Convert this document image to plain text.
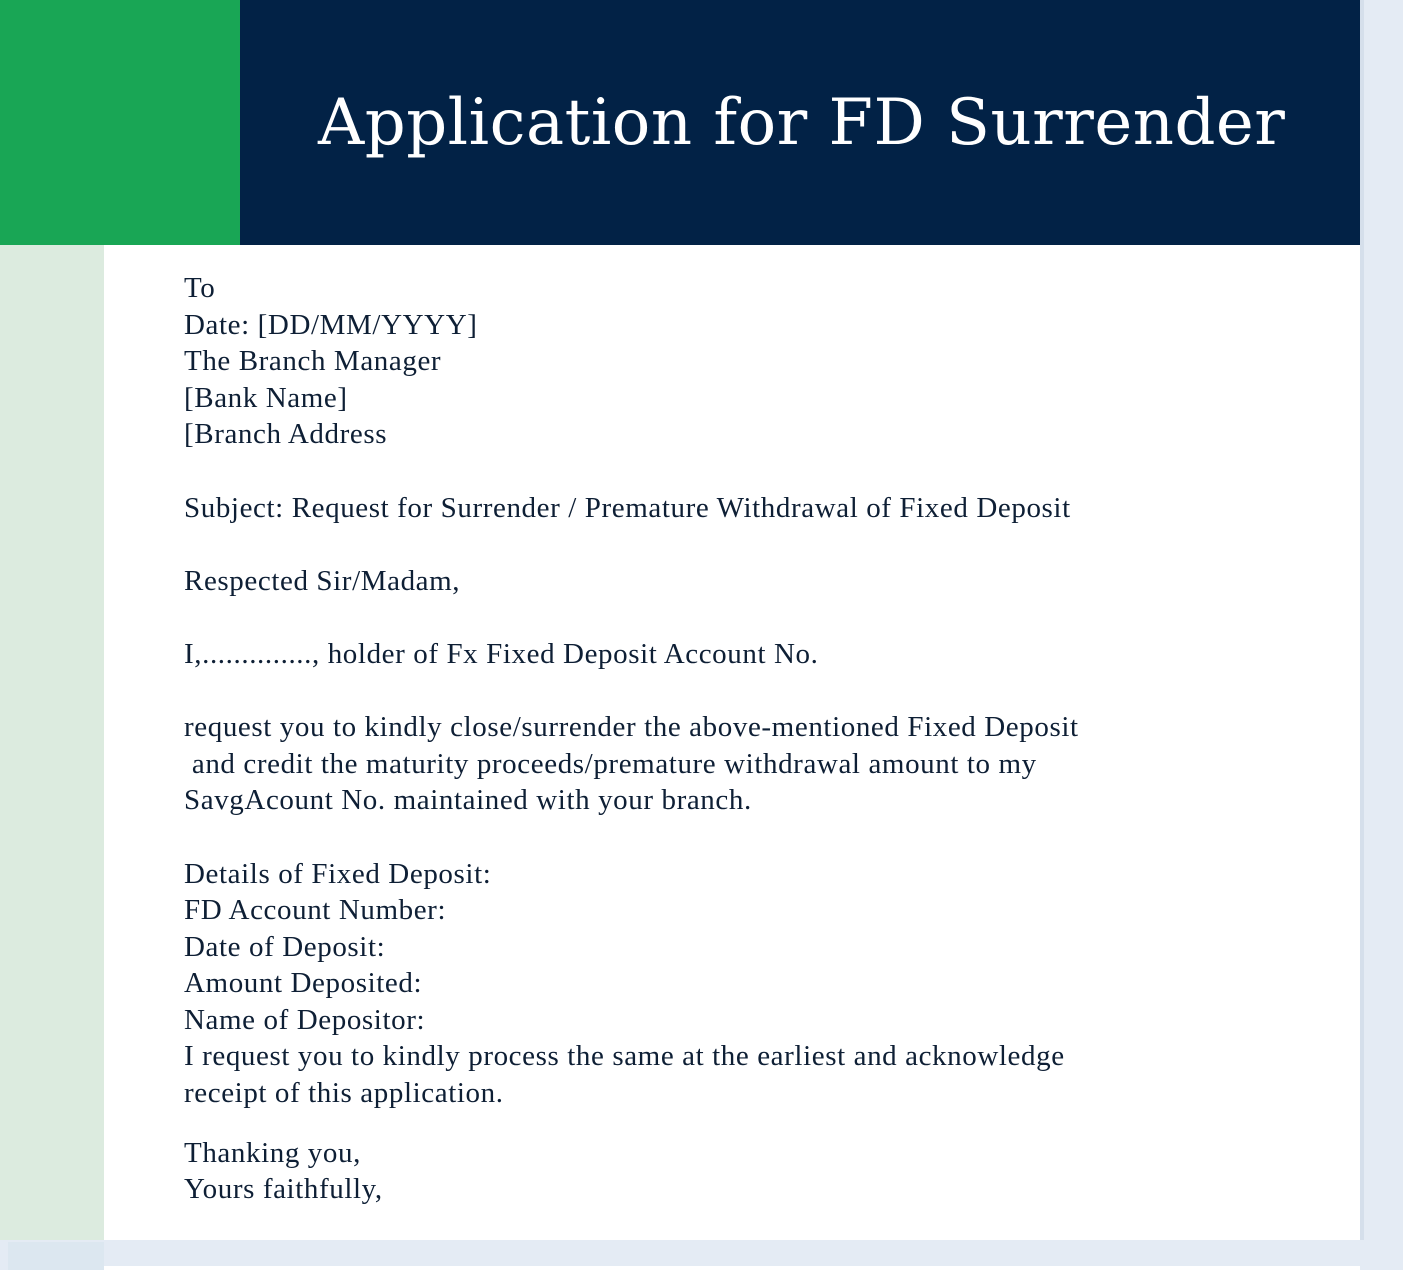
Application for FD Surrender
To
Date: [DD/MM/YYYY]
The Branch Manager
[Bank Name]
[Branch Address
Subject: Request for Surrender / Premature Withdrawal of Fixed Deposit
Respected Sir/Madam,
I,.............., holder of Fx Fixed Deposit Account No.
request you to kindly close/surrender the above-mentioned Fixed Deposit
and credit the maturity proceeds/premature withdrawal amount to my
SavgAcount No. maintained with your branch.
Details of Fixed Deposit:
FD Account Number:
Date of Deposit:
Amount Deposited:
Name of Depositor:
I request you to kindly process the same at the earliest and acknowledge
receipt of this application.
Thanking you,
Yours faithfully,
